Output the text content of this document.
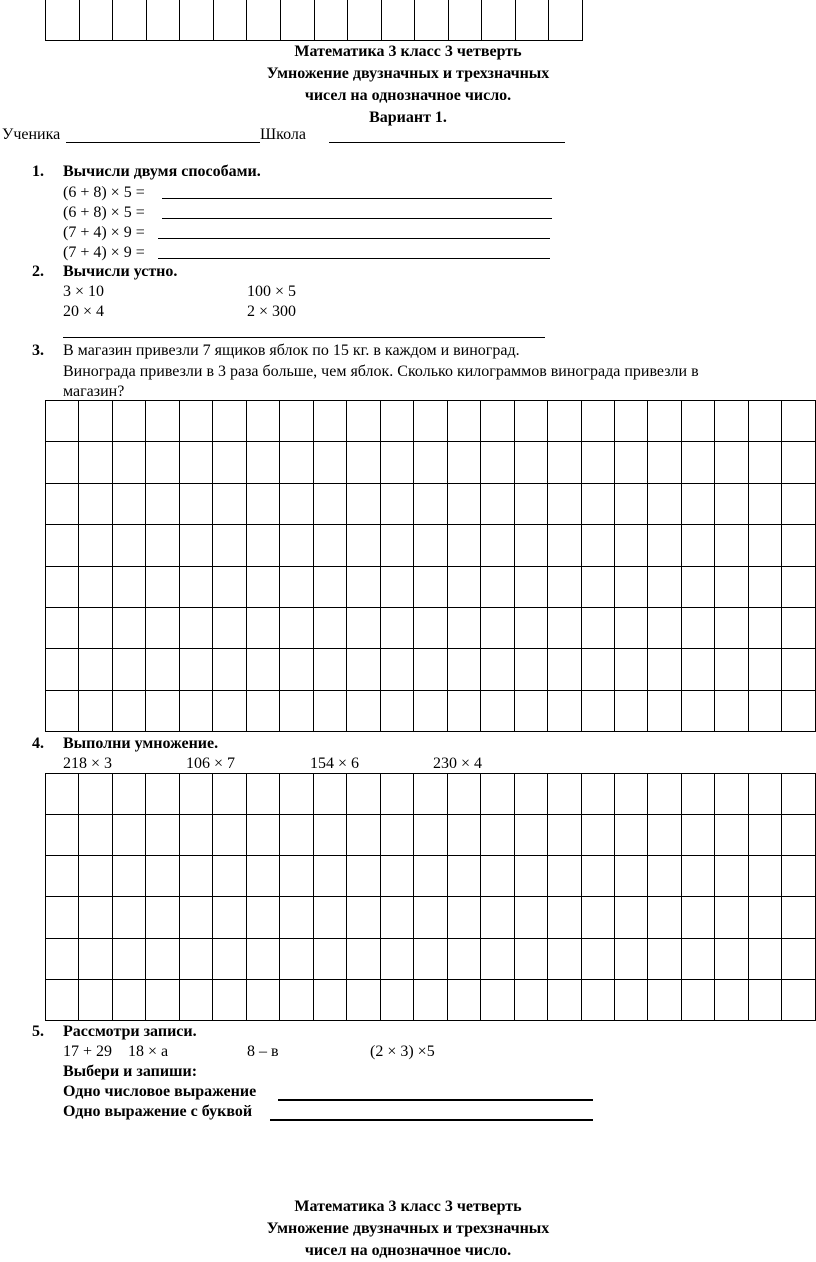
Математика 3 класс 3 четверть
Умножение двузначных и трехзначных
чисел на однозначное число.
Вариант 1.
Ученика	Школа
1. Вычисли двумя способами.
(6 + 8) × 5 =
(6 + 8) × 5 =
(7 + 4) × 9 =
(7 + 4) × 9 =
2. Вычисли устно.
3 × 10	100 × 5
20 × 4	2 × 300
3. В магазин привезли 7 ящиков яблок по 15 кг. в каждом и виноград.
Винограда привезли в 3 раза больше, чем яблок. Сколько килограммов винограда привезли в
магазин?

4. Выполни умножение.
218 × 3	106 × 7	154 × 6	230 × 4

5. Рассмотри записи.
17 + 29 18 × а	8 – в	(2 × 3) ×5
Выбери и запиши:
Одно числовое выражение
Одно выражение с буквой
Математика 3 класс 3 четверть
Умножение двузначных и трехзначных
чисел на однозначное число.
